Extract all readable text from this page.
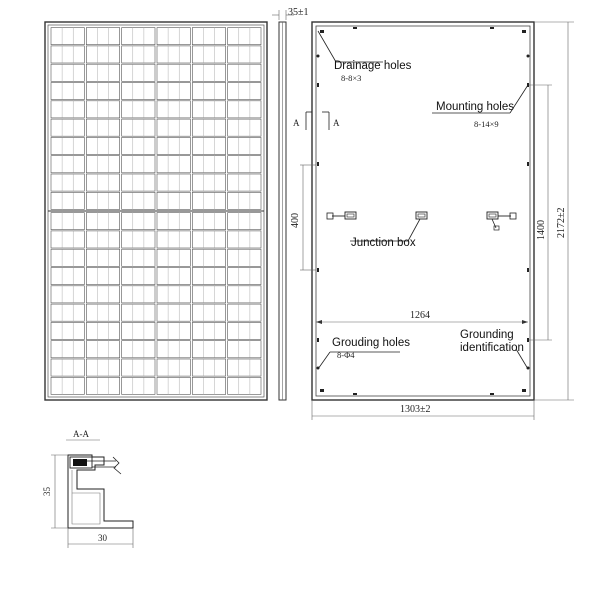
35±1
A	A
400
1264
1400 2172±2
1303±2
Drainage holes
8-8×3
Mounting holes
8-14×9
Junction box
Grouding holes
8-Φ4
Grounding
identification
A-A
35
30
